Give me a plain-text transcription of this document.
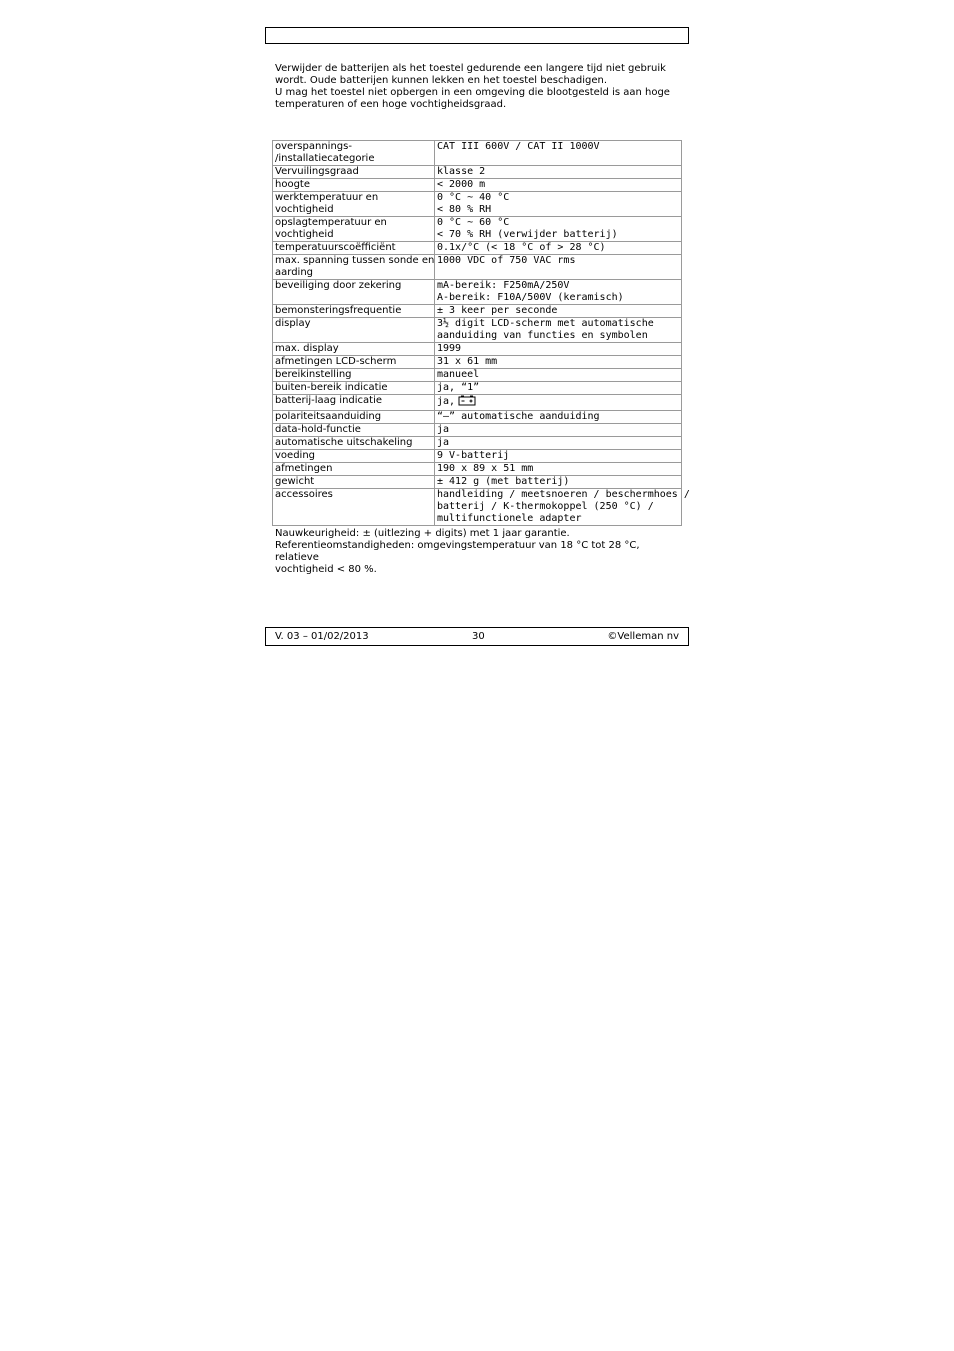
Verwijder de batterijen als het toestel gedurende een langere tijd niet gebruik

wordt. Oude batterijen kunnen lekken en het toestel beschadigen.

U mag het toestel niet opbergen in een omgeving die blootgesteld is aan hoge

temperaturen of een hoge vochtigheidsgraad.

overspannings-
/installatiecategorie	CAT III 600V / CAT II 1000V

Vervuilingsgraad	klasse 2

hoogte	< 2000 m

werktemperatuur en
vochtigheid	0 °C ~ 40 °C
< 80 % RH

opslagtemperatuur en
vochtigheid	0 °C ~ 60 °C
< 70 % RH (verwijder batterij)

temperatuurscoëfficiënt	0.1x/°C (< 18 °C of > 28 °C)

max. spanning tussen sonde en
aarding	1000 VDC of 750 VAC rms

beveiliging door zekering	mA-bereik: F250mA/250V
A-bereik: F10A/500V (keramisch)

bemonsteringsfrequentie	± 3 keer per seconde

display	3½ digit LCD-scherm met automatische
aanduiding van functies en symbolen

max. display	1999

afmetingen LCD-scherm	31 x 61 mm

bereikinstelling	manueel

buiten-bereik indicatie	ja, “1”

batterij-laag indicatie	ja,

polariteitsaanduiding	“–” automatische aanduiding

data-hold-functie	ja

automatische uitschakeling	ja

voeding	9 V-batterij

afmetingen	190 x 89 x 51 mm

gewicht	± 412 g (met batterij)

accessoires	handleiding / meetsnoeren / beschermhoes /
batterij / K-thermokoppel (250 °C) /
multifunctionele adapter

Nauwkeurigheid: ± (uitlezing + digits) met 1 jaar garantie.

Referentieomstandigheden: omgevingstemperatuur van 18 °C tot 28 °C, relatieve

vochtigheid < 80 %.

V. 03 – 01/02/2013	30	©Velleman nv
